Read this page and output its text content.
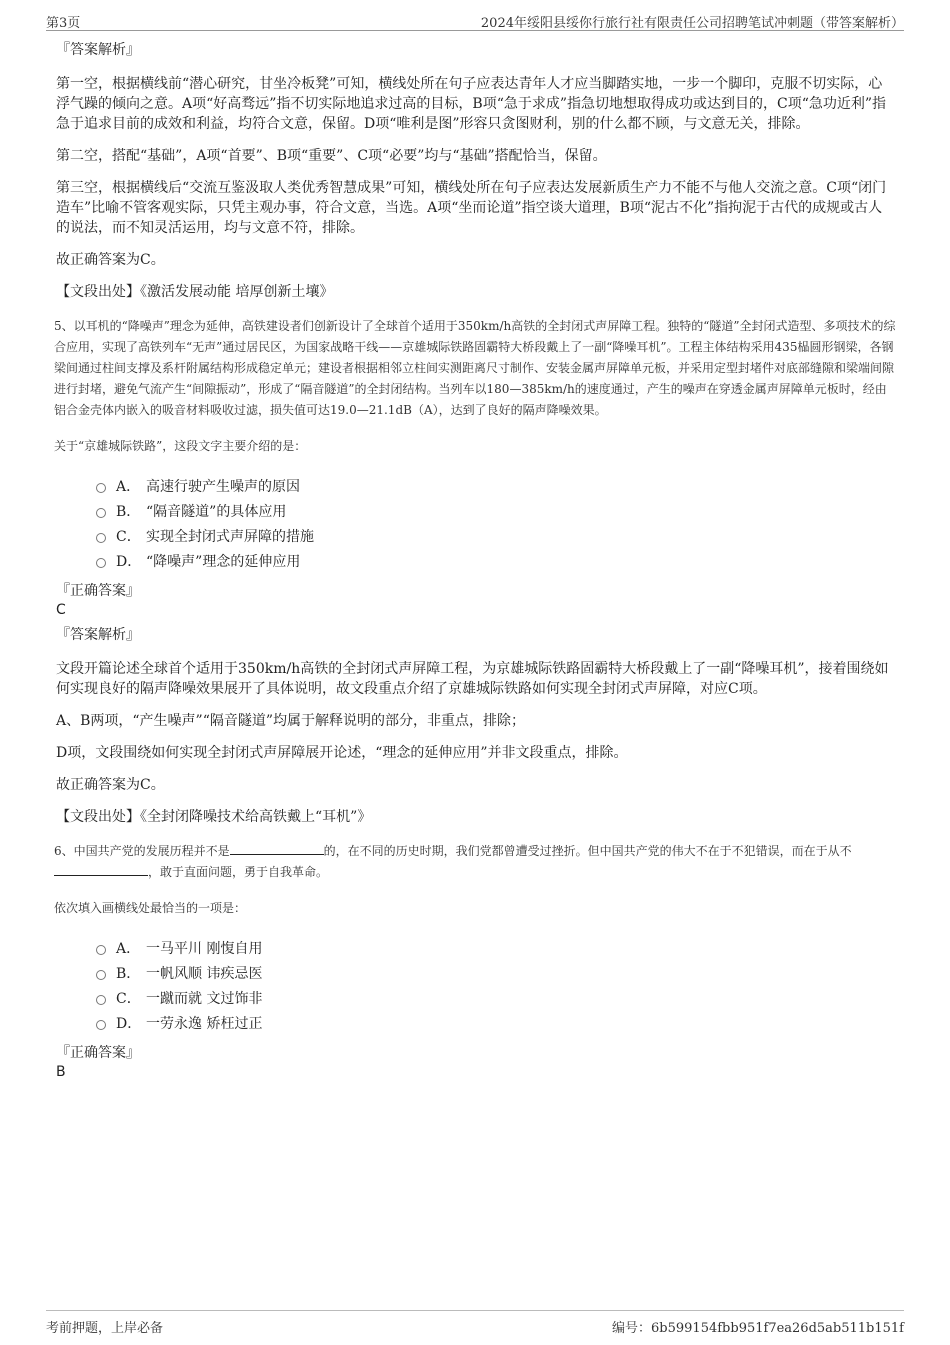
第3页	2024年绥阳县绥你行旅行社有限责任公司招聘笔试冲刺题（带答案解析）

『答案解析』

第一空，根据横线前“潜心研究，甘坐冷板凳”可知，横线处所在句子应表达青年人才应当脚踏实地，一步一个脚印，克服不切实际，心浮气躁的倾向之意。A项“好高骛远”指不切实际地追求过高的目标，B项“急于求成”指急切地想取得成功或达到目的，C项“急功近利”指急于追求目前的成效和利益，均符合文意，保留。D项“唯利是图”形容只贪图财利，别的什么都不顾，与文意无关，排除。

第二空，搭配“基础”，A项“首要”、B项“重要”、C项“必要”均与“基础”搭配恰当，保留。

第三空，根据横线后“交流互鉴汲取人类优秀智慧成果”可知，横线处所在句子应表达发展新质生产力不能不与他人交流之意。C项“闭门造车”比喻不管客观实际，只凭主观办事，符合文意，当选。A项“坐而论道”指空谈大道理，B项“泥古不化”指拘泥于古代的成规或古人的说法，而不知灵活运用，均与文意不符，排除。

故正确答案为C。

【文段出处】《激活发展动能 培厚创新土壤》

5、以耳机的“降噪声”理念为延伸，高铁建设者们创新设计了全球首个适用于350km/h高铁的全封闭式声屏障工程。独特的“隧道”全封闭式造型、多项技术的综合应用，实现了高铁列车“无声”通过居民区，为国家战略干线——京雄城际铁路固霸特大桥段戴上了一副“降噪耳机”。工程主体结构采用435榀圆形钢梁，各钢梁间通过柱间支撑及系杆附属结构形成稳定单元；建设者根据相邻立柱间实测距离尺寸制作、安装金属声屏障单元板，并采用定型封堵件对底部缝隙和梁端间隙进行封堵，避免气流产生“间隙振动”，形成了“隔音隧道”的全封闭结构。当列车以180—385km/h的速度通过，产生的噪声在穿透金属声屏障单元板时，经由铝合金壳体内嵌入的吸音材料吸收过滤，损失值可达19.0—21.1dB（A），达到了良好的隔声降噪效果。

关于“京雄城际铁路”，这段文字主要介绍的是：

A． 高速行驶产生噪声的原因
B． “隔音隧道”的具体应用
C． 实现全封闭式声屏障的措施
D． “降噪声”理念的延伸应用

『正确答案』

C

『答案解析』

文段开篇论述全球首个适用于350km/h高铁的全封闭式声屏障工程，为京雄城际铁路固霸特大桥段戴上了一副“降噪耳机”，接着围绕如何实现良好的隔声降噪效果展开了具体说明，故文段重点介绍了京雄城际铁路如何实现全封闭式声屏障，对应C项。

A、B两项，“产生噪声”“隔音隧道”均属于解释说明的部分，非重点，排除；

D项，文段围绕如何实现全封闭式声屏障展开论述，“理念的延伸应用”并非文段重点，排除。

故正确答案为C。

【文段出处】《全封闭降噪技术给高铁戴上“耳机”》

6、中国共产党的发展历程并不是	的，在不同的历史时期，我们党都曾遭受过挫折。但中国共产党的伟大不在于不犯错误，而在于从不，敢于直面问题，勇于自我革命。

依次填入画横线处最恰当的一项是：

A． 一马平川 刚愎自用
B． 一帆风顺 讳疾忌医
C． 一蹴而就 文过饰非
D． 一劳永逸 矫枉过正

『正确答案』

B

考前押题，上岸必备	编号：6b599154fbb951f7ea26d5ab511b151f
